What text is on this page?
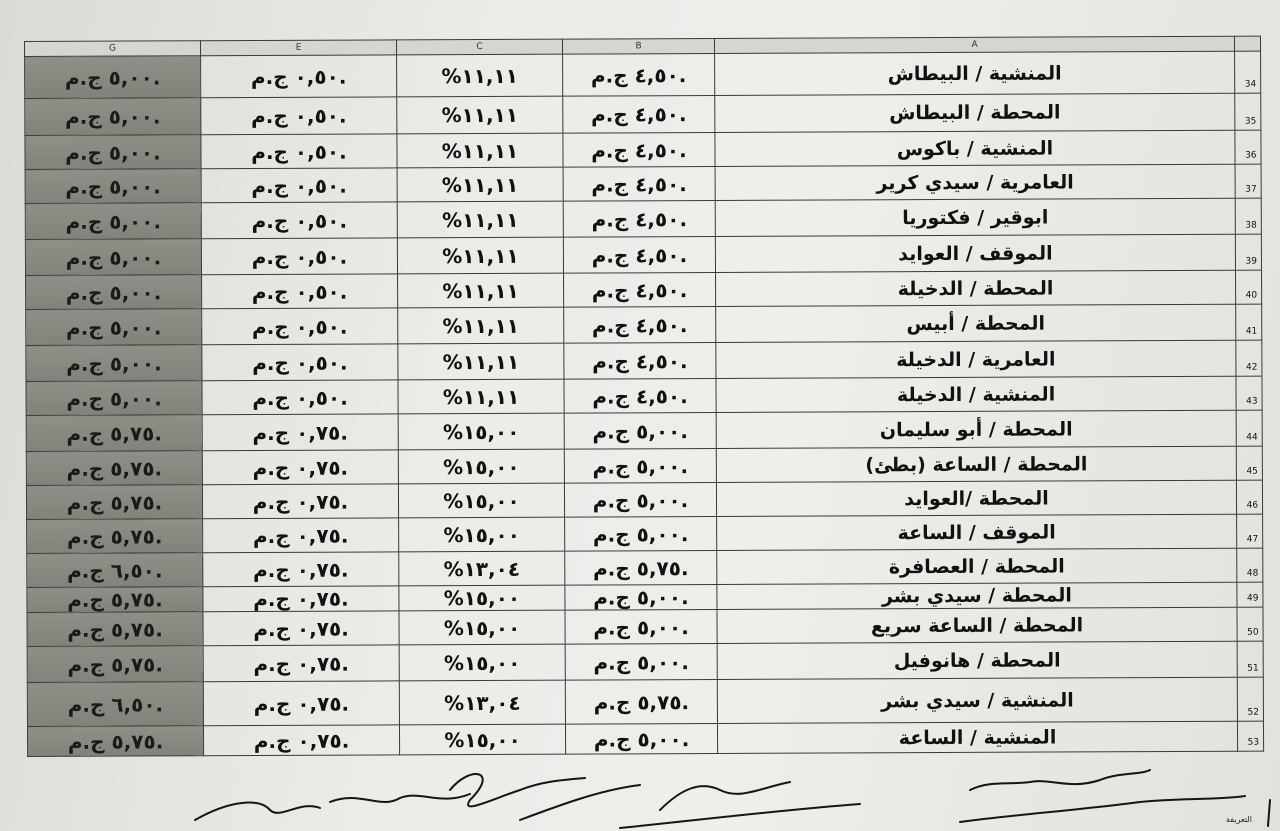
G	E	C	B	A	
٥,٠٠ ج.م.	٠,٥٠ ج.م.	%١١,١١	٤,٥٠ ج.م.	المنشية / البيطاش	34
٥,٠٠ ج.م.	٠,٥٠ ج.م.	%١١,١١	٤,٥٠ ج.م.	المحطة / البيطاش	35
٥,٠٠ ج.م.	٠,٥٠ ج.م.	%١١,١١	٤,٥٠ ج.م.	المنشية / باكوس	36
٥,٠٠ ج.م.	٠,٥٠ ج.م.	%١١,١١	٤,٥٠ ج.م.	العامرية / سيدي كرير	37
٥,٠٠ ج.م.	٠,٥٠ ج.م.	%١١,١١	٤,٥٠ ج.م.	ابوقير / فكتوريا	38
٥,٠٠ ج.م.	٠,٥٠ ج.م.	%١١,١١	٤,٥٠ ج.م.	الموقف / العوايد	39
٥,٠٠ ج.م.	٠,٥٠ ج.م.	%١١,١١	٤,٥٠ ج.م.	المحطة / الدخيلة	40
٥,٠٠ ج.م.	٠,٥٠ ج.م.	%١١,١١	٤,٥٠ ج.م.	المحطة / أبيس	41
٥,٠٠ ج.م.	٠,٥٠ ج.م.	%١١,١١	٤,٥٠ ج.م.	العامرية / الدخيلة	42
٥,٠٠ ج.م.	٠,٥٠ ج.م.	%١١,١١	٤,٥٠ ج.م.	المنشية / الدخيلة	43
٥,٧٥ ج.م.	٠,٧٥ ج.م.	%١٥,٠٠	٥,٠٠ ج.م.	المحطة / أبو سليمان	44
٥,٧٥ ج.م.	٠,٧٥ ج.م.	%١٥,٠٠	٥,٠٠ ج.م.	المحطة / الساعة (بطئ)	45
٥,٧٥ ج.م.	٠,٧٥ ج.م.	%١٥,٠٠	٥,٠٠ ج.م.	المحطة /العوايد	46
٥,٧٥ ج.م.	٠,٧٥ ج.م.	%١٥,٠٠	٥,٠٠ ج.م.	الموقف / الساعة	47
٦,٥٠ ج.م.	٠,٧٥ ج.م.	%١٣,٠٤	٥,٧٥ ج.م.	المحطة / العصافرة	48
٥,٧٥ ج.م.	٠,٧٥ ج.م.	%١٥,٠٠	٥,٠٠ ج.م.	المحطة / سيدي بشر	49
٥,٧٥ ج.م.	٠,٧٥ ج.م.	%١٥,٠٠	٥,٠٠ ج.م.	المحطة / الساعة سريع	50
٥,٧٥ ج.م.	٠,٧٥ ج.م.	%١٥,٠٠	٥,٠٠ ج.م.	المحطة / هانوفيل	51
٦,٥٠ ج.م.	٠,٧٥ ج.م.	%١٣,٠٤	٥,٧٥ ج.م.	المنشية / سيدي بشر	52
٥,٧٥ ج.م.	٠,٧٥ ج.م.	%١٥,٠٠	٥,٠٠ ج.م.	المنشية / الساعة	53
التعريفة
